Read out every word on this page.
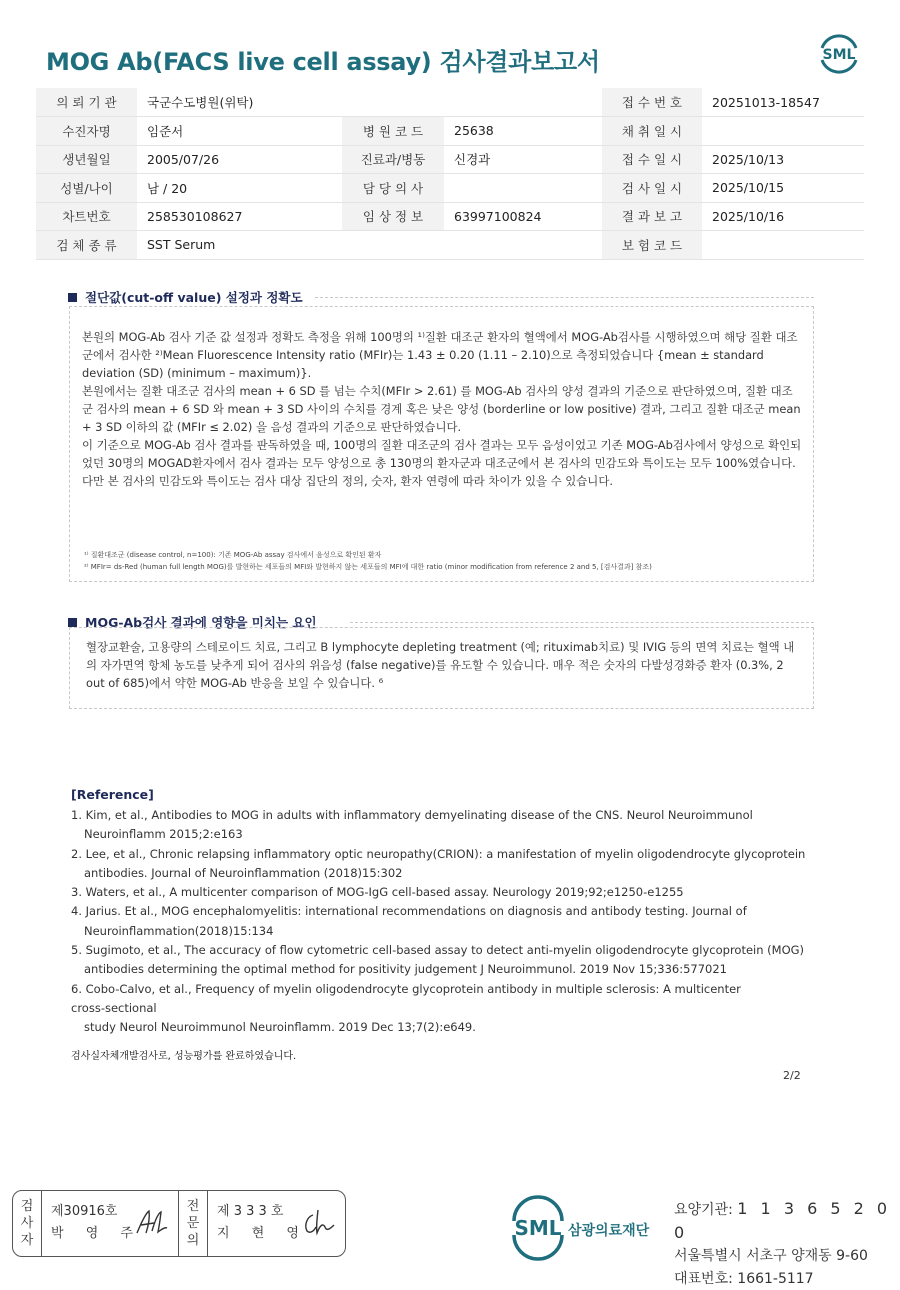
MOG Ab(FACS live cell assay) 검사결과보고서	SML
의 뢰 기 관	국군수도병원(위탁)			접 수 번 호	20251013-18547
수진자명	임준서	병 원 코 드	25638	채 취 일 시	
생년월일	2005/07/26	진료과/병동	신경과	접 수 일 시	2025/10/13
성별/나이	남 / 20	담 당 의 사		검 사 일 시	2025/10/15
차트번호	258530108627	임 상 정 보	63997100824	결 과 보 고	2025/10/16
검 체 종 류	SST Serum			보 험 코 드	
절단값(cut-off value) 설정과 정확도

본원의 MOG-Ab 검사 기준 값 설정과 정확도 측정을 위해 100명의 ¹⁾질환 대조군 환자의 혈액에서 MOG-Ab검사를 시행하였으며 해당 질환 대조군에서 검사한 ²⁾Mean Fluorescence Intensity ratio (MFIr)는 1.43 ± 0.20 (1.11 – 2.10)으로 측정되었습니다 {mean ± standard deviation (SD) (minimum – maximum)}.

본원에서는 질환 대조군 검사의 mean + 6 SD 를 넘는 수치(MFIr > 2.61) 를 MOG-Ab 검사의 양성 결과의 기준으로 판단하였으며, 질환 대조군 검사의 mean + 6 SD 와 mean + 3 SD 사이의 수치를 경계 혹은 낮은 양성 (borderline or low positive) 결과, 그리고 질환 대조군 mean + 3 SD 이하의 값 (MFIr ≤ 2.02) 을 음성 결과의 기준으로 판단하였습니다.

이 기준으로 MOG-Ab 검사 결과를 판독하였을 때, 100명의 질환 대조군의 검사 결과는 모두 음성이었고 기존 MOG-Ab검사에서 양성으로 확인되었던 30명의 MOGAD환자에서 검사 결과는 모두 양성으로 총 130명의 환자군과 대조군에서 본 검사의 민감도와 특이도는 모두 100%였습니다. 다만 본 검사의 민감도와 특이도는 검사 대상 집단의 정의, 숫자, 환자 연령에 따라 차이가 있을 수 있습니다.

¹⁾ 질환대조군 (disease control, n=100): 기존 MOG-Ab assay 검사에서 음성으로 확인된 환자
²⁾ MFIr= ds-Red (human full length MOG)를 발현하는 세포들의 MFI와 발현하지 않는 세포들의 MFI에 대한 ratio (minor modification from reference 2 and 5, [검사결과] 참조)
MOG-Ab검사 결과에 영향을 미치는 요인
혈장교환술, 고용량의 스테로이드 치료, 그리고 B lymphocyte depleting treatment (예; rituximab치료) 및 IVIG 등의 면역 치료는 혈액 내의 자가면역 항체 농도를 낮추게 되어 검사의 위음성 (false negative)를 유도할 수 있습니다. 매우 적은 숫자의 다발성경화증 환자 (0.3%, 2 out of 685)에서 약한 MOG-Ab 반응을 보일 수 있습니다. ⁶
[Reference]
1. Kim, et al., Antibodies to MOG in adults with inflammatory demyelinating disease of the CNS. Neurol Neuroimmunol
Neuroinflamm 2015;2:e163
2. Lee, et al., Chronic relapsing inflammatory optic neuropathy(CRION): a manifestation of myelin oligodendrocyte glycoprotein
antibodies. Journal of Neuroinflammation (2018)15:302
3. Waters, et al., A multicenter comparison of MOG-IgG cell-based assay. Neurology 2019;92;e1250-e1255
4. Jarius. Et al., MOG encephalomyelitis: international recommendations on diagnosis and antibody testing. Journal of
Neuroinflammation(2018)15:134
5. Sugimoto, et al., The accuracy of flow cytometric cell-based assay to detect anti-myelin oligodendrocyte glycoprotein (MOG)
antibodies determining the optimal method for positivity judgement J Neuroimmunol. 2019 Nov 15;336:577021
6. Cobo-Calvo, et al., Frequency of myelin oligodendrocyte glycoprotein antibody in multiple sclerosis: A multicenter
cross-sectional
study Neurol Neuroimmunol Neuroinflamm. 2019 Dec 13;7(2):e649.
검사실자체개발검사로, 성능평가를 완료하였습니다.
2/2
검
사
자
제30916호
박 영 주
전
문
의
제 3 3 3 호
지 현 영	SML 삼광의료재단
요양기관: 1 1 3 6 5 2 0 0
서울특별시 서초구 양재동 9-60
대표번호: 1661-5117
